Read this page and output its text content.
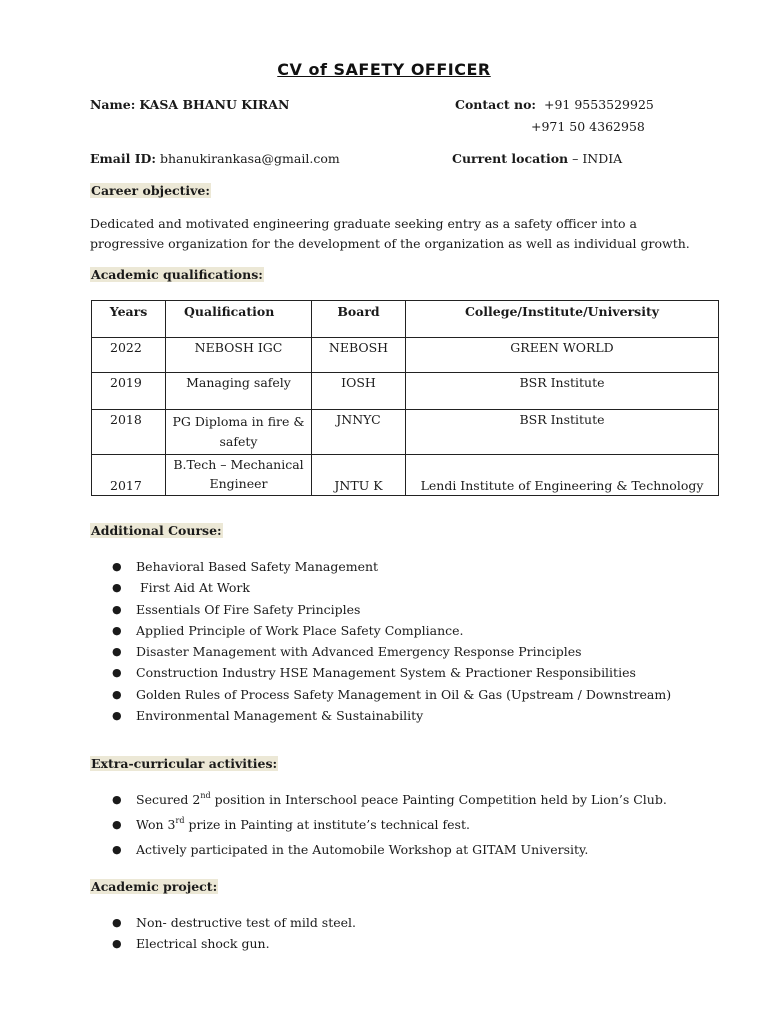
CV of SAFETY OFFICER
Name: KASA BHANU KIRAN	Contact no: +91 9553529925
+971 50 4362958
Email ID: bhanukirankasa@gmail.com	Current location – INDIA
Career objective:
Dedicated and motivated engineering graduate seeking entry as a safety officer into a progressive organization for the development of the organization as well as individual growth.
Academic qualifications:
Years	Qualification	Board	College/Institute/University
2022	NEBOSH IGC	NEBOSH	GREEN WORLD
2019	Managing safely	IOSH	BSR Institute
2018	PG Diploma in fire & safety	JNNYC	BSR Institute
2017	B.Tech – Mechanical Engineer	JNTU K	Lendi Institute of Engineering & Technology
Additional Course:
● Behavioral Based Safety Management
● First Aid At Work
● Essentials Of Fire Safety Principles
● Applied Principle of Work Place Safety Compliance.
● Disaster Management with Advanced Emergency Response Principles
● Construction Industry HSE Management System & Practioner Responsibilities
● Golden Rules of Process Safety Management in Oil & Gas (Upstream / Downstream)
● Environmental Management & Sustainability
Extra-curricular activities:
● Secured 2nd position in Interschool peace Painting Competition held by Lion’s Club.
● Won 3rd prize in Painting at institute’s technical fest.
● Actively participated in the Automobile Workshop at GITAM University.
Academic project:
● Non- destructive test of mild steel.
● Electrical shock gun.
